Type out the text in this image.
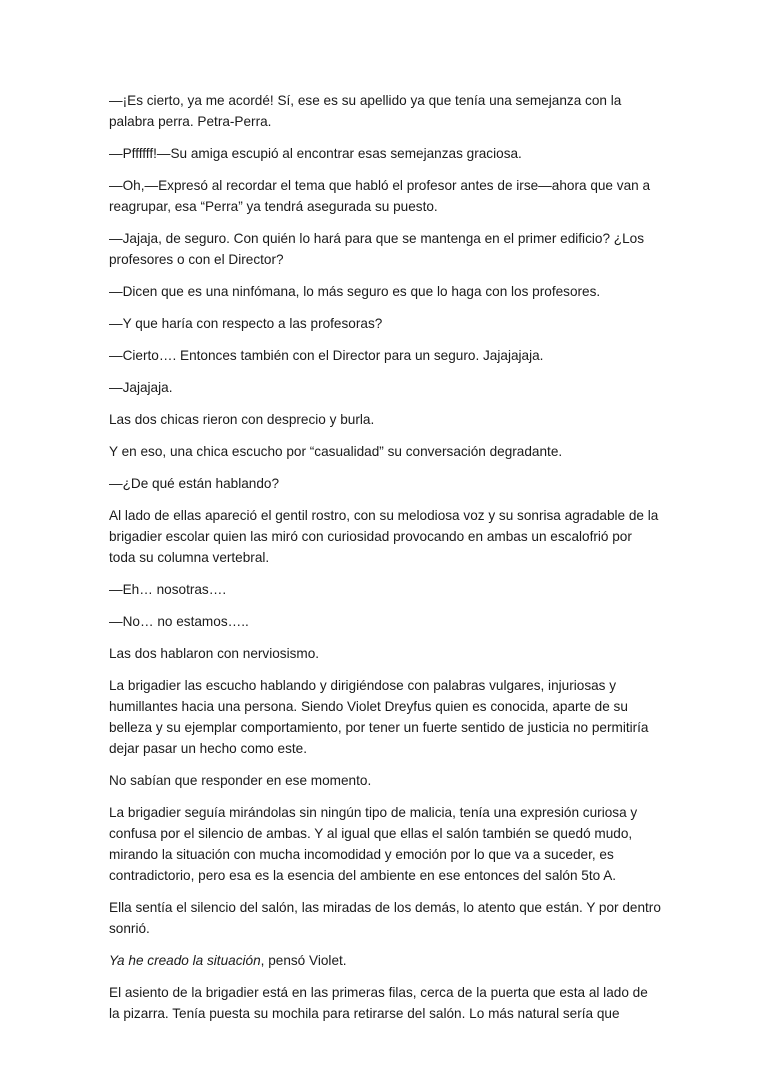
—¡Es cierto, ya me acordé! Sí, ese es su apellido ya que tenía una semejanza con la palabra perra. Petra-Perra.

—Pffffff!—Su amiga escupió al encontrar esas semejanzas graciosa.

—Oh,—Expresó al recordar el tema que habló el profesor antes de irse—ahora que van a reagrupar, esa “Perra” ya tendrá asegurada su puesto.

—Jajaja, de seguro. Con quién lo hará para que se mantenga en el primer edificio? ¿Los profesores o con el Director?

—Dicen que es una ninfómana, lo más seguro es que lo haga con los profesores.

—Y que haría con respecto a las profesoras?

—Cierto…. Entonces también con el Director para un seguro. Jajajajaja.

—Jajajaja.

Las dos chicas rieron con desprecio y burla.

Y en eso, una chica escucho por “casualidad” su conversación degradante.

—¿De qué están hablando?

Al lado de ellas apareció el gentil rostro, con su melodiosa voz y su sonrisa agradable de la brigadier escolar quien las miró con curiosidad provocando en ambas un escalofrió por toda su columna vertebral.

—Eh… nosotras….

—No… no estamos…..

Las dos hablaron con nerviosismo.

La brigadier las escucho hablando y dirigiéndose con palabras vulgares, injuriosas y humillantes hacia una persona. Siendo Violet Dreyfus quien es conocida, aparte de su belleza y su ejemplar comportamiento, por tener un fuerte sentido de justicia no permitiría dejar pasar un hecho como este.

No sabían que responder en ese momento.

La brigadier seguía mirándolas sin ningún tipo de malicia, tenía una expresión curiosa y confusa por el silencio de ambas. Y al igual que ellas el salón también se quedó mudo, mirando la situación con mucha incomodidad y emoción por lo que va a suceder, es contradictorio, pero esa es la esencia del ambiente en ese entonces del salón 5to A.

Ella sentía el silencio del salón, las miradas de los demás, lo atento que están. Y por dentro sonrió.

Ya he creado la situación, pensó Violet.

El asiento de la brigadier está en las primeras filas, cerca de la puerta que esta al lado de la pizarra. Tenía puesta su mochila para retirarse del salón. Lo más natural sería que
